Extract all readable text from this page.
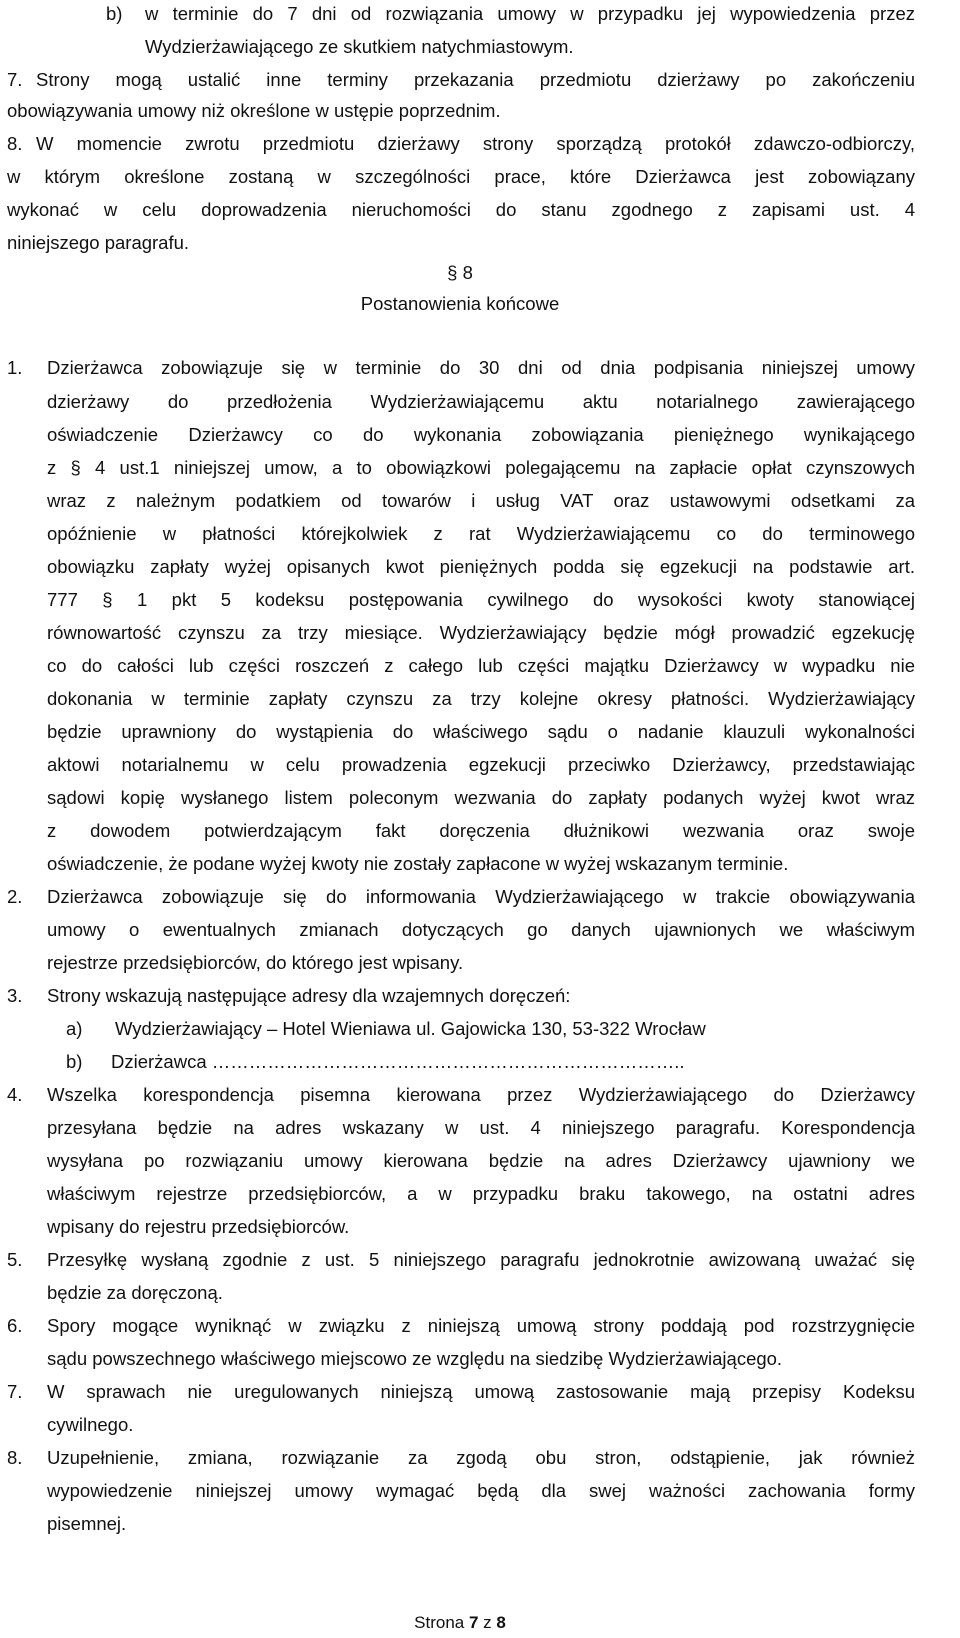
b) w terminie do 7 dni od rozwiązania umowy w przypadku jej wypowiedzenia przez
Wydzierżawiającego ze skutkiem natychmiastowym.
7. Strony mogą ustalić inne terminy przekazania przedmiotu dzierżawy po zakończeniu
obowiązywania umowy niż określone w ustępie poprzednim.
8. W momencie zwrotu przedmiotu dzierżawy strony sporządzą protokół zdawczo-odbiorczy,
w którym określone zostaną w szczególności prace, które Dzierżawca jest zobowiązany
wykonać w celu doprowadzenia nieruchomości do stanu zgodnego z zapisami ust. 4
niniejszego paragrafu.
§ 8
Postanowienia końcowe
1. Dzierżawca zobowiązuje się w terminie do 30 dni od dnia podpisania niniejszej umowy
dzierżawy do przedłożenia Wydzierżawiającemu aktu notarialnego zawierającego
oświadczenie Dzierżawcy co do wykonania zobowiązania pieniężnego wynikającego
z § 4 ust.1 niniejszej umow, a to obowiązkowi polegającemu na zapłacie opłat czynszowych
wraz z należnym podatkiem od towarów i usług VAT oraz ustawowymi odsetkami za
opóźnienie w płatności którejkolwiek z rat Wydzierżawiającemu co do terminowego
obowiązku zapłaty wyżej opisanych kwot pieniężnych podda się egzekucji na podstawie art.
777 § 1 pkt 5 kodeksu postępowania cywilnego do wysokości kwoty stanowiącej
równowartość czynszu za trzy miesiące. Wydzierżawiający będzie mógł prowadzić egzekucję
co do całości lub części roszczeń z całego lub części majątku Dzierżawcy w wypadku nie
dokonania w terminie zapłaty czynszu za trzy kolejne okresy płatności. Wydzierżawiający
będzie uprawniony do wystąpienia do właściwego sądu o nadanie klauzuli wykonalności
aktowi notarialnemu w celu prowadzenia egzekucji przeciwko Dzierżawcy, przedstawiając
sądowi kopię wysłanego listem poleconym wezwania do zapłaty podanych wyżej kwot wraz
z dowodem potwierdzającym fakt doręczenia dłużnikowi wezwania oraz swoje
oświadczenie, że podane wyżej kwoty nie zostały zapłacone w wyżej wskazanym terminie.
2. Dzierżawca zobowiązuje się do informowania Wydzierżawiającego w trakcie obowiązywania
umowy o ewentualnych zmianach dotyczących go danych ujawnionych we właściwym
rejestrze przedsiębiorców, do którego jest wpisany.
3. Strony wskazują następujące adresy dla wzajemnych doręczeń:
a) Wydzierżawiający – Hotel Wieniawa ul. Gajowicka 130, 53-322 Wrocław
b) Dzierżawca …………………………………………………………………..
4. Wszelka korespondencja pisemna kierowana przez Wydzierżawiającego do Dzierżawcy
przesyłana będzie na adres wskazany w ust. 4 niniejszego paragrafu. Korespondencja
wysyłana po rozwiązaniu umowy kierowana będzie na adres Dzierżawcy ujawniony we
właściwym rejestrze przedsiębiorców, a w przypadku braku takowego, na ostatni adres
wpisany do rejestru przedsiębiorców.
5. Przesyłkę wysłaną zgodnie z ust. 5 niniejszego paragrafu jednokrotnie awizowaną uważać się
będzie za doręczoną.
6. Spory mogące wyniknąć w związku z niniejszą umową strony poddają pod rozstrzygnięcie
sądu powszechnego właściwego miejscowo ze względu na siedzibę Wydzierżawiającego.
7. W sprawach nie uregulowanych niniejszą umową zastosowanie mają przepisy Kodeksu
cywilnego.
8. Uzupełnienie, zmiana, rozwiązanie za zgodą obu stron, odstąpienie, jak również
wypowiedzenie niniejszej umowy wymagać będą dla swej ważności zachowania formy
pisemnej.
Strona 7 z 8
